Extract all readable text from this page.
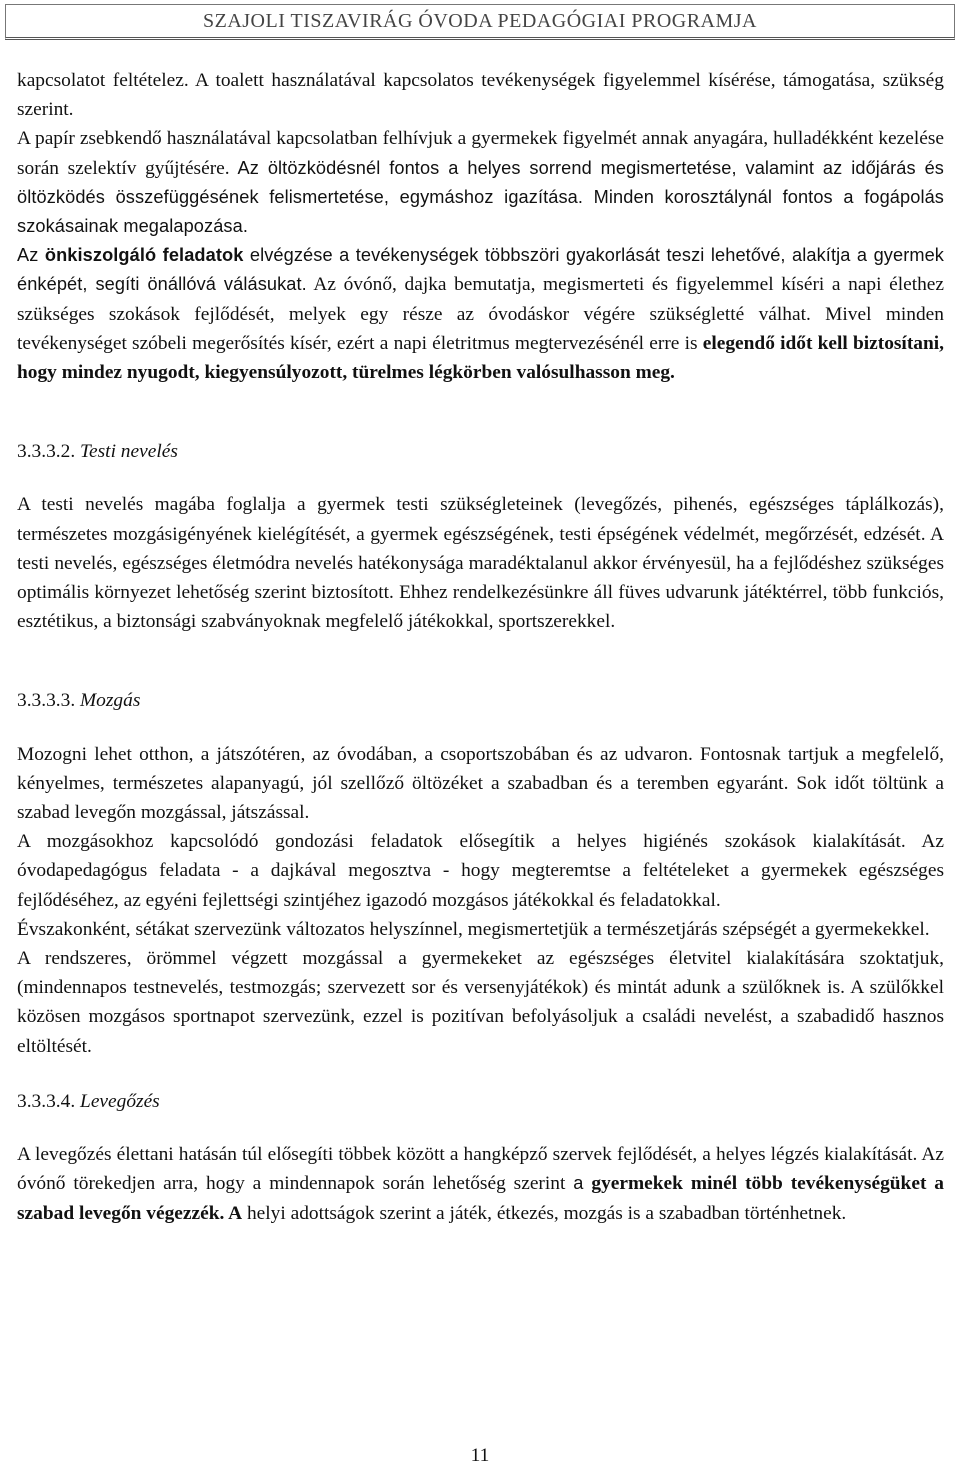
SZAJOLI TISZAVIRÁG ÓVODA PEDAGÓGIAI PROGRAMJA

kapcsolatot feltételez. A toalett használatával kapcsolatos tevékenységek figyelemmel kísérése, támogatása, szükség szerint.

A papír zsebkendő használatával kapcsolatban felhívjuk a gyermekek figyelmét annak anyagára, hulladékként kezelése során szelektív gyűjtésére. Az öltözködésnél fontos a helyes sorrend megismertetése, valamint az időjárás és öltözködés összefüggésének felismertetése, egymáshoz igazítása. Minden korosztálynál fontos a fogápolás szokásainak megalapozása.

Az önkiszolgáló feladatok elvégzése a tevékenységek többszöri gyakorlását teszi lehetővé, alakítja a gyermek énképét, segíti önállóvá válásukat. Az óvónő, dajka bemutatja, megismerteti és figyelemmel kíséri a napi élethez szükséges szokások fejlődését, melyek egy része az óvodáskor végére szükségletté válhat. Mivel minden tevékenységet szóbeli megerősítés kísér, ezért a napi életritmus megtervezésénél erre is elegendő időt kell biztosítani, hogy mindez nyugodt, kiegyensúlyozott, türelmes légkörben valósulhasson meg.

3.3.3.2. Testi nevelés

A testi nevelés magába foglalja a gyermek testi szükségleteinek (levegőzés, pihenés, egészséges táplálkozás), természetes mozgásigényének kielégítését, a gyermek egészségének, testi épségének védelmét, megőrzését, edzését. A testi nevelés, egészséges életmódra nevelés hatékonysága maradéktalanul akkor érvényesül, ha a fejlődéshez szükséges optimális környezet lehetőség szerint biztosított. Ehhez rendelkezésünkre áll füves udvarunk játéktérrel, több funkciós, esztétikus, a biztonsági szabványoknak megfelelő játékokkal, sportszerekkel.

3.3.3.3. Mozgás

Mozogni lehet otthon, a játszótéren, az óvodában, a csoportszobában és az udvaron. Fontosnak tartjuk a megfelelő, kényelmes, természetes alapanyagú, jól szellőző öltözéket a szabadban és a teremben egyaránt. Sok időt töltünk a szabad levegőn mozgással, játszással.

A mozgásokhoz kapcsolódó gondozási feladatok elősegítik a helyes higiénés szokások kialakítását. Az óvodapedagógus feladata - a dajkával megosztva - hogy megteremtse a feltételeket a gyermekek egészséges fejlődéséhez, az egyéni fejlettségi szintjéhez igazodó mozgásos játékokkal és feladatokkal.

Évszakonként, sétákat szervezünk változatos helyszínnel, megismertetjük a természetjárás szépségét a gyermekekkel.

A rendszeres, örömmel végzett mozgással a gyermekeket az egészséges életvitel kialakítására szoktatjuk, (mindennapos testnevelés, testmozgás; szervezett sor és versenyjátékok) és mintát adunk a szülőknek is. A szülőkkel közösen mozgásos sportnapot szervezünk, ezzel is pozitívan befolyásoljuk a családi nevelést, a szabadidő hasznos eltöltését.

3.3.3.4. Levegőzés

A levegőzés élettani hatásán túl elősegíti többek között a hangképző szervek fejlődését, a helyes légzés kialakítását. Az óvónő törekedjen arra, hogy a mindennapok során lehetőség szerint a gyermekek minél több tevékenységüket a szabad levegőn végezzék. A helyi adottságok szerint a játék, étkezés, mozgás is a szabadban történhetnek.

11
